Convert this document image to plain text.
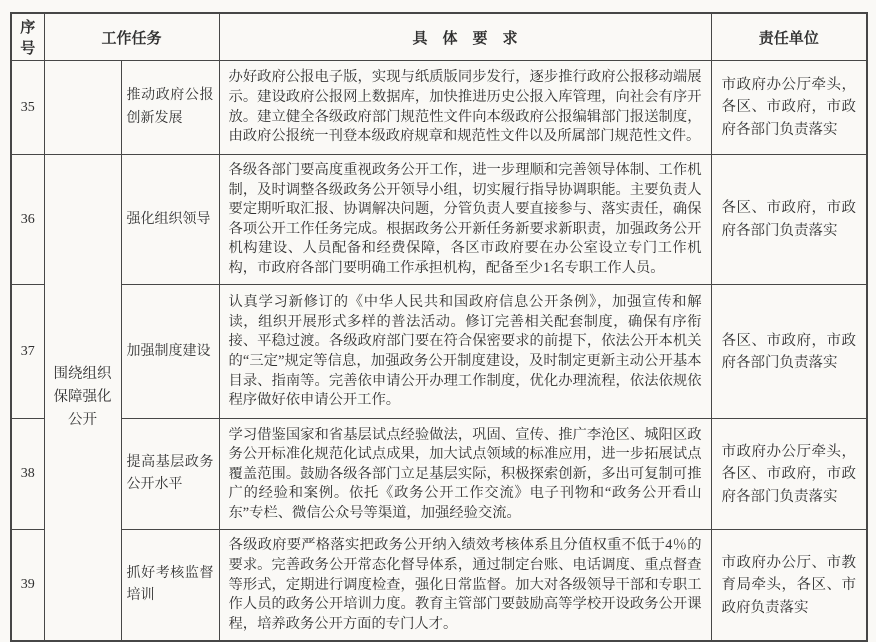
序号	工作任务		具　体　要　求	责任单位
35		推动政府公报创新发展	办好政府公报电子版，实现与纸质版同步发行，逐步推行政府公报移动端展示。建设政府公报网上数据库，加快推进历史公报入库管理，向社会有序开放。建立健全各级政府部门规范性文件向本级政府公报编辑部门报送制度，由政府公报统一刊登本级政府规章和规范性文件以及所属部门规范性文件。	市政府办公厅牵头，各区、市政府，市政府各部门负责落实
36	围绕组织保障强化公开	强化组织领导	各级各部门要高度重视政务公开工作，进一步理顺和完善领导体制、工作机制，及时调整各级政务公开领导小组，切实履行指导协调职能。主要负责人要定期听取汇报、协调解决问题，分管负责人要直接参与、落实责任，确保各项公开工作任务完成。根据政务公开新任务新要求新职责，加强政务公开机构建设、人员配备和经费保障，各区市政府要在办公室设立专门工作机构，市政府各部门要明确工作承担机构，配备至少1名专职工作人员。	各区、市政府，市政府各部门负责落实
37		加强制度建设	认真学习新修订的《中华人民共和国政府信息公开条例》，加强宣传和解读，组织开展形式多样的普法活动。修订完善相关配套制度，确保有序衔接、平稳过渡。各级政府部门要在符合保密要求的前提下，依法公开本机关的“三定”规定等信息，加强政务公开制度建设，及时制定更新主动公开基本目录、指南等。完善依申请公开办理工作制度，优化办理流程，依法依规依程序做好依申请公开工作。	各区、市政府，市政府各部门负责落实
38		提高基层政务公开水平	学习借鉴国家和省基层试点经验做法，巩固、宣传、推广李沧区、城阳区政务公开标准化规范化试点成果，加大试点领域的标准应用，进一步拓展试点覆盖范围。鼓励各级各部门立足基层实际，积极探索创新，多出可复制可推广的经验和案例。依托《政务公开工作交流》电子刊物和“政务公开看山东”专栏、微信公众号等渠道，加强经验交流。	市政府办公厅牵头，各区、市政府，市政府各部门负责落实
39		抓好考核监督培训	各级政府要严格落实把政务公开纳入绩效考核体系且分值权重不低于4％的要求。完善政务公开常态化督导体系，通过制定台账、电话调度、重点督查等形式，定期进行调度检查，强化日常监督。加大对各级领导干部和专职工作人员的政务公开培训力度。教育主管部门要鼓励高等学校开设政务公开课程，培养政务公开方面的专门人才。	市政府办公厅、市教育局牵头，各区、市政府负责落实
